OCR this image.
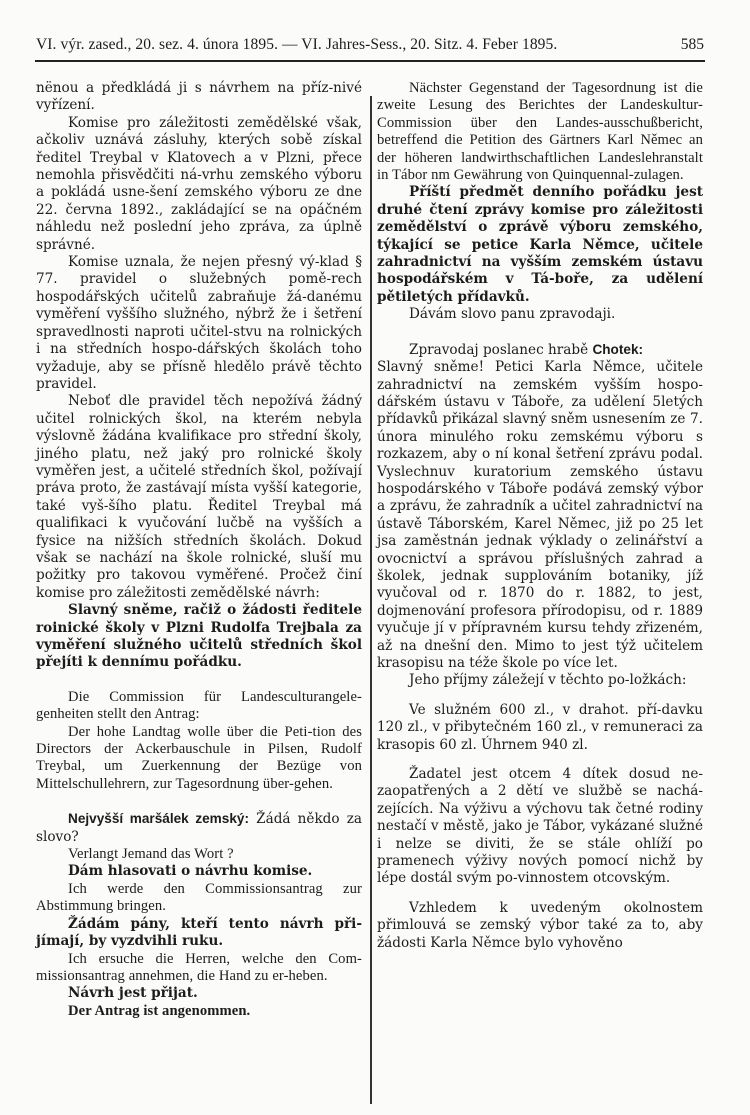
VI. výr. zased., 20. sez. 4. února 1895. — VI. Jahres-Sess., 20. Sitz. 4. Feber 1895.	585

nënou a předkládá ji s návrhem na příz-nivé vyřízení.

Komise pro záležitosti zemědělské však, ačkoliv uznává zásluhy, kterých sobě získal ředitel Treybal v Klatovech a v Plzni, přece nemohla přisvědčiti ná-vrhu zemského výboru a pokládá usne-šení zemského výboru ze dne 22. června 1892., zakládající se na opáčném náhledu než poslední jeho zpráva, za úplně správné.

Komise uznala, že nejen přesný vý-klad § 77. pravidel o služebných pomě-rech hospodářských učitelů zabraňuje žá-danému vyměření vyššího služného, nýbrž že i šetření spravedlnosti naproti učitel-stvu na rolnických i na středních hospo-dářských školách toho vyžaduje, aby se přísně hledělo právě těchto pravidel.

Neboť dle pravidel těch nepožívá žádný učitel rolnických škol, na kterém nebyla výslovně žádána kvalifikace pro střední školy, jiného platu, než jaký pro rolnické školy vyměřen jest, a učitelé středních škol, požívají práva proto, že zastávají místa vyšší kategorie, také vyš-šího platu. Ředitel Treybal má qualifikaci k vyučování lučbě na vyšších a fysice na nižších středních školách. Dokud však se nachází na škole rolnické, sluší mu požitky pro takovou vyměřené. Pročež činí komise pro záležitosti zemědělské návrh:

Slavný sněme, račiž o žádosti ředitele roinické školy v Plzni Rudolfa Trejbala za vyměření služného učitelů středních škol přejíti k dennímu pořádku.

Die Commission für Landesculturangele-genheiten stellt den Antrag:

Der hohe Landtag wolle über die Peti-tion des Directors der Ackerbauschule in Pilsen, Rudolf Treybal, um Zuerkennung der Bezüge von Mittelschullehrern, zur Tagesordnung über-gehen.

Nejvyšší maršálek zemský: Žádá někdo za slovo?

Verlangt Jemand das Wort ?

Dám hlasovati o návrhu komise.

Ich werde den Commissionsantrag zur Abstimmung bringen.

Žádám pány, kteří tento návrh při-jímají, by vyzdvihli ruku.

Ich ersuche die Herren, welche den Com-missionsantrag annehmen, die Hand zu er-heben.

Návrh jest přijat.

Der Antrag ist angenommen.

Nächster Gegenstand der Tagesordnung ist die zweite Lesung des Berichtes der Landeskultur-Commission über den Landes-ausschußbericht, betreffend die Petition des Gärtners Karl Němec an der höheren landwirthschaftlichen Landeslehranstalt in Tábor nm Gewährung von Quinquennal-zulagen.

Příští předmět denního pořádku jest druhé čtení zprávy komise pro záležitosti zemědělství o zprávě výboru zemského, týkající se petice Karla Němce, učitele zahradnictví na vyšším zemském ústavu hospodářském v Tá-boře, za udělení pětiletých přídavků.

Dávám slovo panu zpravodaji.

Zpravodaj poslanec hrabě Chotek:

Slavný sněme! Petici Karla Němce, učitele zahradnictví na zemském vyšším hospo-dářském ústavu v Táboře, za udělení 5letých přídavků přikázal slavný sněm usnesením ze 7. února minulého roku zemskému výboru s rozkazem, aby o ní konal šetření zprávu podal. Vyslechnuv kuratorium zemského ústavu hospodárského v Táboře podává zemský výbor a zprávu, že zahradník a učitel zahradnictví na ústavě Táborském, Karel Němec, již po 25 let jsa zaměstnán jednak výklady o zelinářství a ovocnictví a správou příslušných zahrad a školek, jednak supplováním botaniky, jíž vyučoval od r. 1870 do r. 1882, to jest, dojmenování profesora přírodopisu, od r. 1889 vyučuje jí v přípravném kursu tehdy zřizeném, až na dnešní den. Mimo to jest týž učitelem krasopisu na téže škole po více let.

Jeho příjmy záležejí v těchto po-ložkách:

Ve služném 600 zl., v drahot. pří-davku 120 zl., v přibytečném 160 zl., v remuneraci za krasopis 60 zl. Úhrnem 940 zl.

Žadatel jest otcem 4 dítek dosud ne-zaopatřených a 2 dětí ve službě se nachá-zejících. Na výživu a výchovu tak četné rodiny nestačí v městě, jako je Tábor, vykázané služné i nelze se diviti, že se stále ohlíží po pramenech výživy nových pomocí nichž by lépe dostál svým po-vinnostem otcovským.

Vzhledem k uvedeným okolnostem přimlouvá se zemský výbor také za to, aby žádosti Karla Němce bylo vyhověno
